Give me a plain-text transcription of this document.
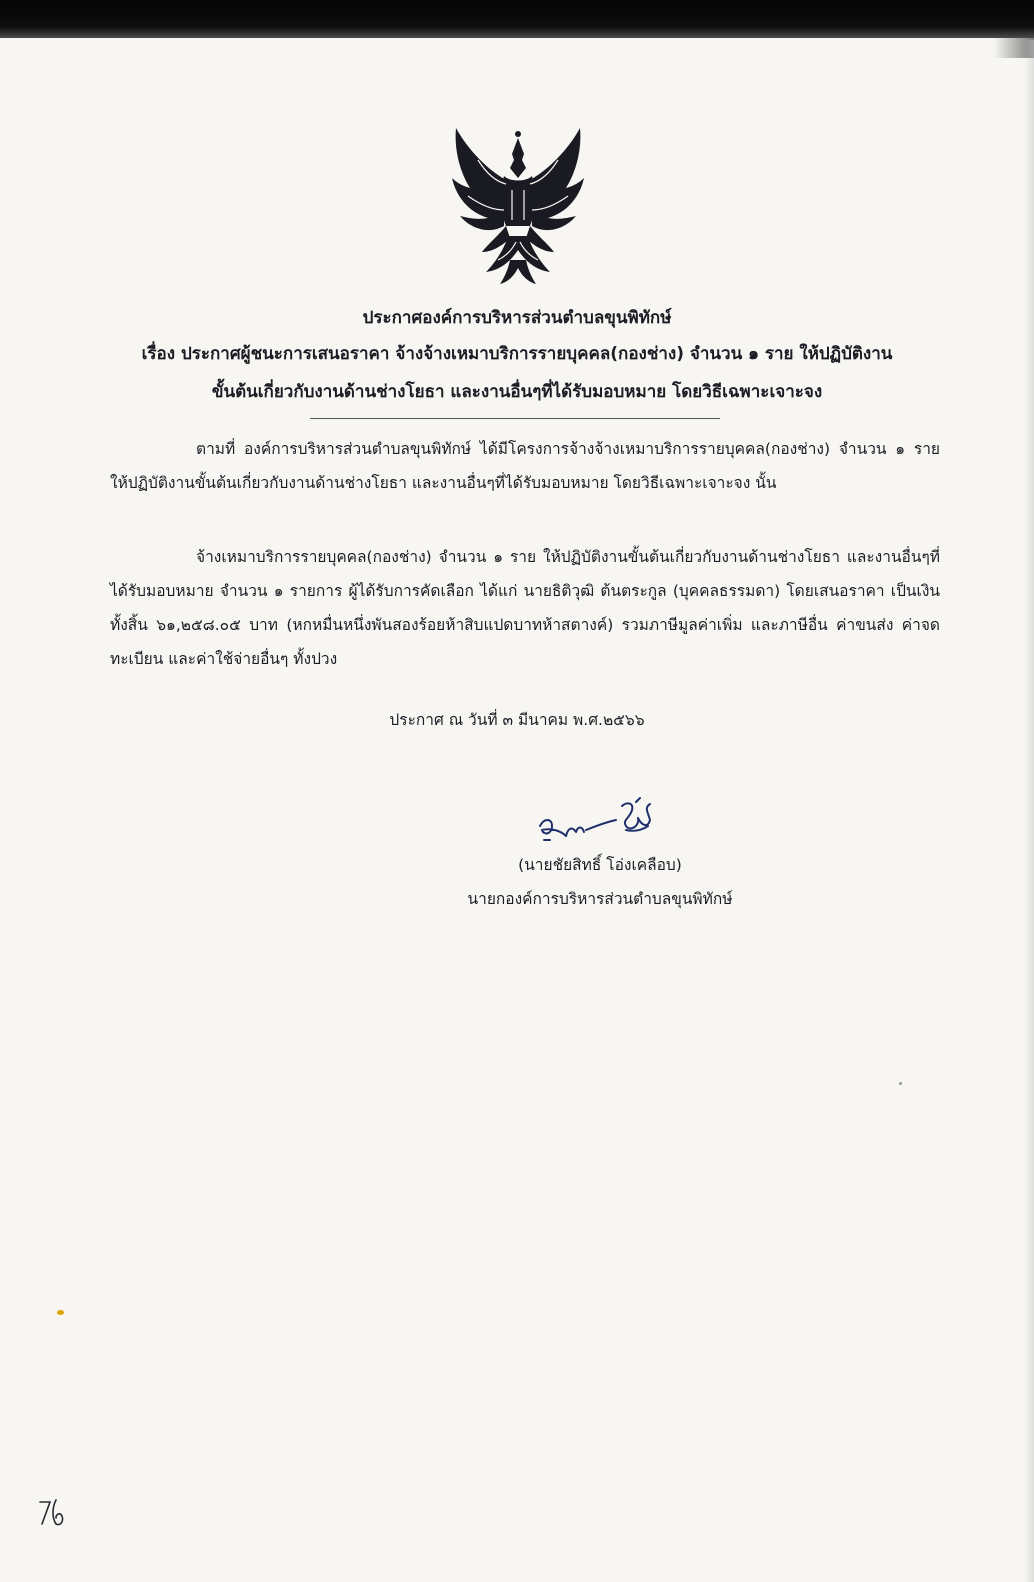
ประกาศองค์การบริหารส่วนตำบลขุนพิทักษ์
เรื่อง ประกาศผู้ชนะการเสนอราคา จ้างจ้างเหมาบริการรายบุคคล(กองช่าง) จำนวน ๑ ราย ให้ปฏิบัติงาน
ขั้นต้นเกี่ยวกับงานด้านช่างโยธา และงานอื่นๆที่ได้รับมอบหมาย โดยวิธีเฉพาะเจาะจง
ตามที่ องค์การบริหารส่วนตำบลขุนพิทักษ์ ได้มีโครงการจ้างจ้างเหมาบริการรายบุคคล(กองช่าง) จำนวน ๑ ราย ให้ปฏิบัติงานขั้นต้นเกี่ยวกับงานด้านช่างโยธา และงานอื่นๆที่ได้รับมอบหมาย โดยวิธีเฉพาะเจาะจง นั้น
จ้างเหมาบริการรายบุคคล(กองช่าง) จำนวน ๑ ราย ให้ปฏิบัติงานขั้นต้นเกี่ยวกับงานด้านช่างโยธา และงานอื่นๆที่ได้รับมอบหมาย จำนวน ๑ รายการ ผู้ได้รับการคัดเลือก ได้แก่ นายธิติวุฒิ ต้นตระกูล (บุคคลธรรมดา) โดยเสนอราคา เป็นเงินทั้งสิ้น ๖๑,๒๕๘.๐๕ บาท (หกหมื่นหนึ่งพันสองร้อยห้าสิบแปดบาทห้าสตางค์) รวมภาษีมูลค่าเพิ่ม และภาษีอื่น ค่าขนส่ง ค่าจดทะเบียน และค่าใช้จ่ายอื่นๆ ทั้งปวง
ประกาศ ณ วันที่ ๓ มีนาคม พ.ศ.๒๕๖๖
(นายชัยสิทธิ์ โอ่งเคลือบ)
นายกองค์การบริหารส่วนตำบลขุนพิทักษ์
